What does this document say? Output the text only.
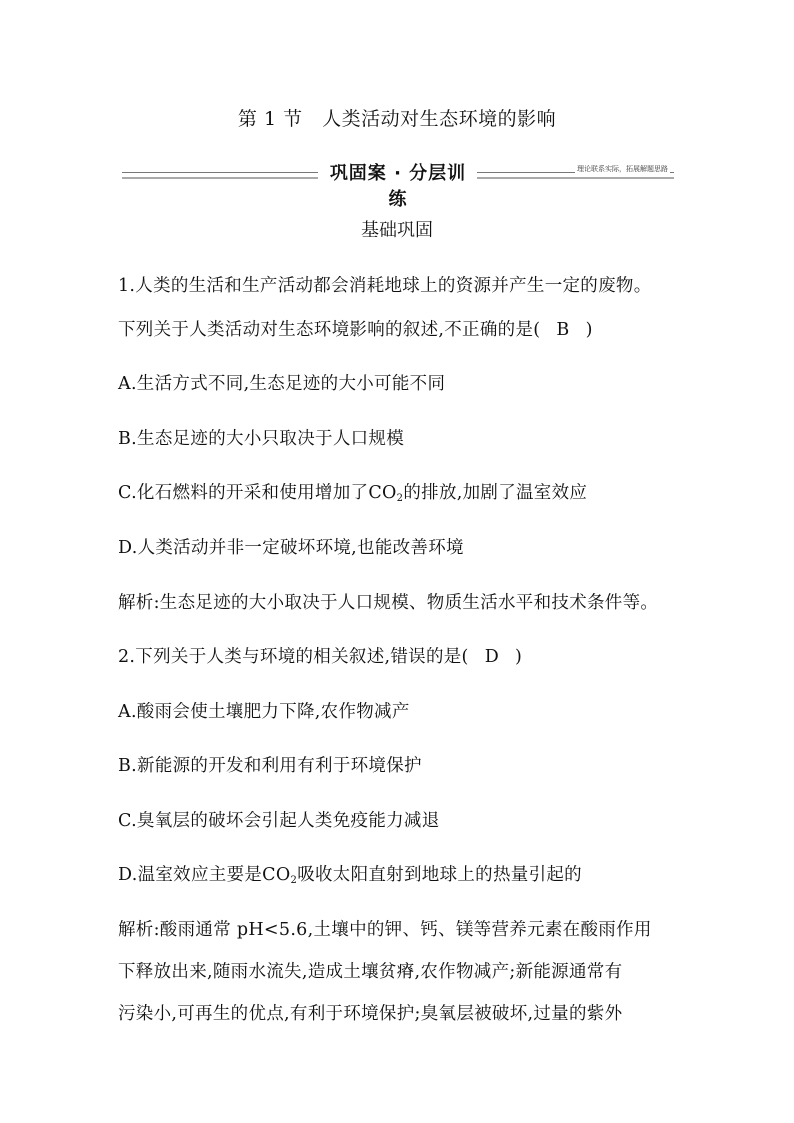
第 1 节　人类活动对生态环境的影响
巩固案 · 分层训练
理论联系实际，拓展解题思路
基础巩固
1.人类的生活和生产活动都会消耗地球上的资源并产生一定的废物。
下列关于人类活动对生态环境影响的叙述,不正确的是( B )
A.生活方式不同,生态足迹的大小可能不同
B.生态足迹的大小只取决于人口规模
C.化石燃料的开采和使用增加了$CO_2$的排放,加剧了温室效应
D.人类活动并非一定破坏环境,也能改善环境
解析:生态足迹的大小取决于人口规模、物质生活水平和技术条件等。
2.下列关于人类与环境的相关叙述,错误的是( D )
A.酸雨会使土壤肥力下降,农作物减产
B.新能源的开发和利用有利于环境保护
C.臭氧层的破坏会引起人类免疫能力减退
D.温室效应主要是$CO_2$吸收太阳直射到地球上的热量引起的
解析:酸雨通常 pH<5.6,土壤中的钾、钙、镁等营养元素在酸雨作用
下释放出来,随雨水流失,造成土壤贫瘠,农作物减产;新能源通常有
污染小,可再生的优点,有利于环境保护;臭氧层被破坏,过量的紫外
